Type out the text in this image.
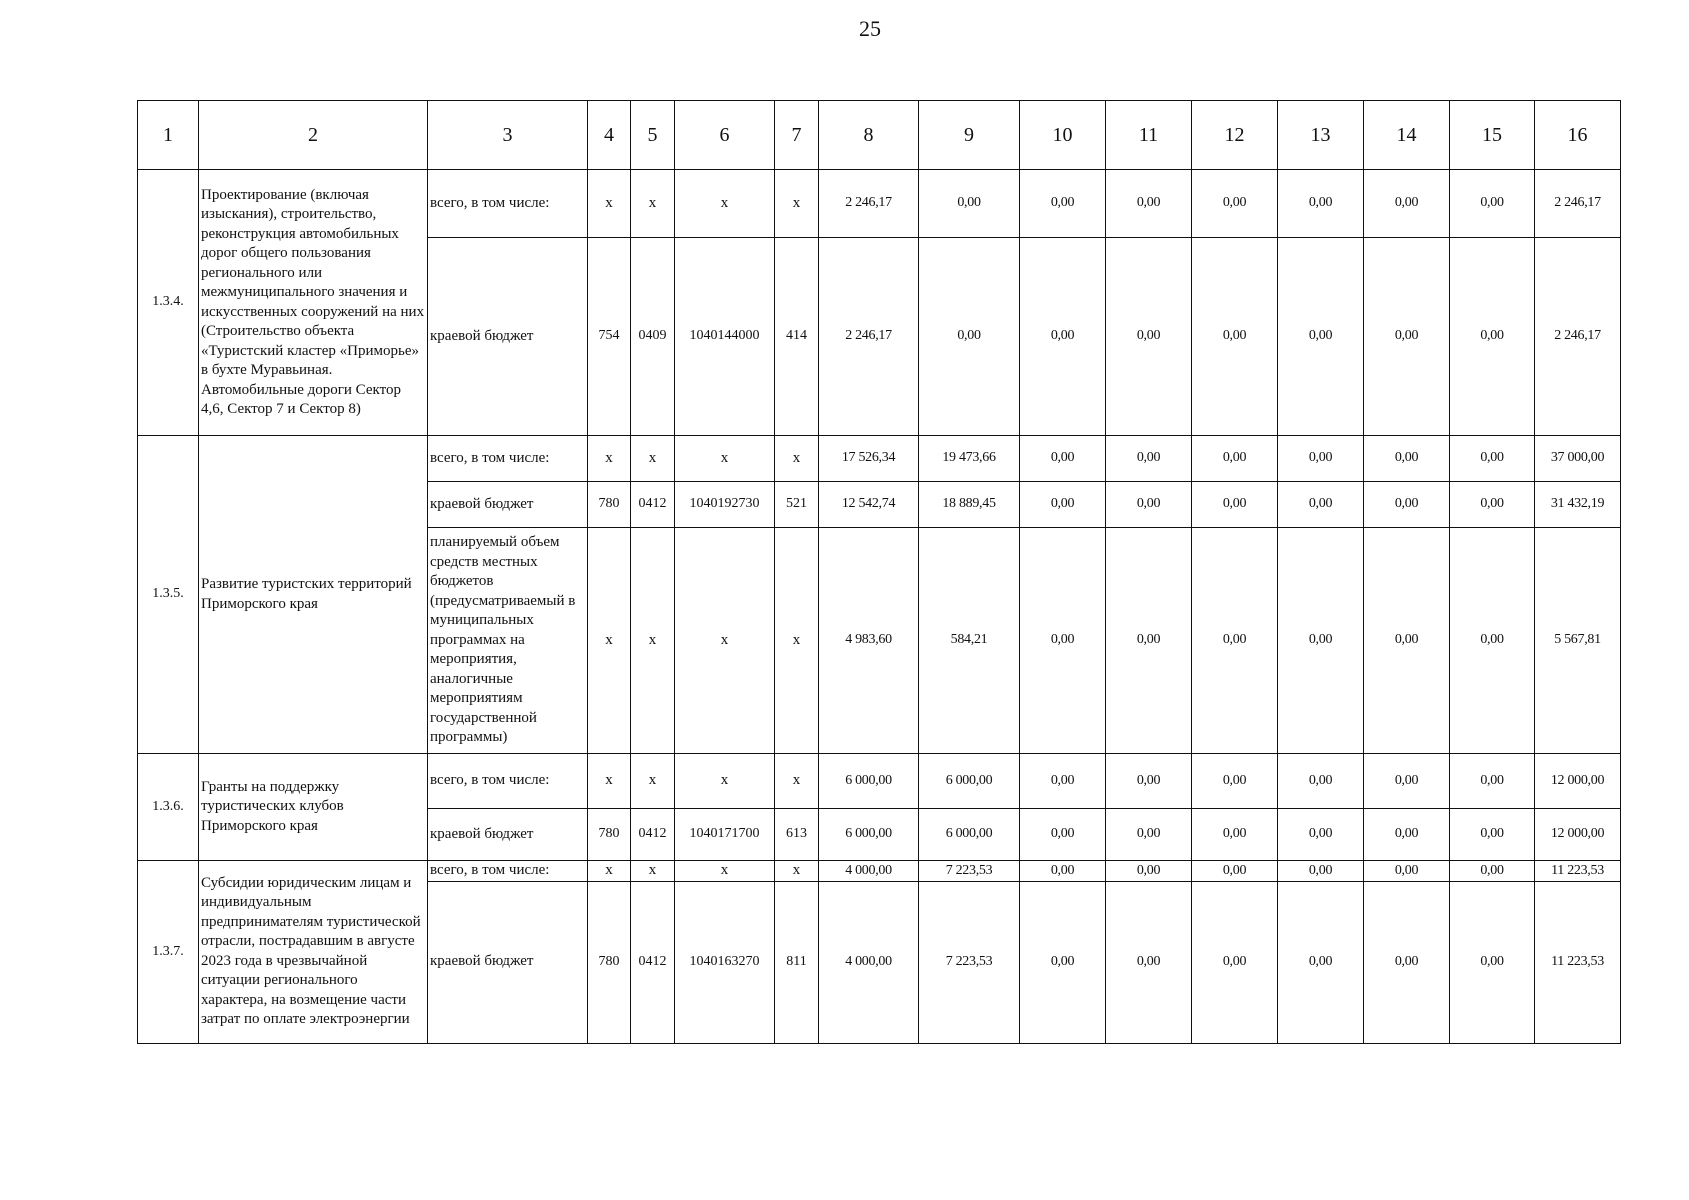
25
1	2	3	4	5	6	7	8	9	10	11	12	13	14	15	16
1.3.4.	Проектирование (включая изыскания), строительство, реконструкция автомобильных дорог общего пользования регионального или межмуниципального значения и искусственных сооружений на них (Строительство объекта «Туристский кластер «Приморье» в бухте Муравьиная. Автомобильные дороги Сектор 4,6, Сектор 7 и Сектор 8)	всего, в том числе:	x	x	x	x	2 246,17	0,00	0,00	0,00	0,00	0,00	0,00	0,00	2 246,17
		краевой бюджет	754	0409	1040144000	414	2 246,17	0,00	0,00	0,00	0,00	0,00	0,00	0,00	2 246,17
1.3.5.	Развитие туристских территорий Приморского края	всего, в том числе:	x	x	x	x	17 526,34	19 473,66	0,00	0,00	0,00	0,00	0,00	0,00	37 000,00
		краевой бюджет	780	0412	1040192730	521	12 542,74	18 889,45	0,00	0,00	0,00	0,00	0,00	0,00	31 432,19
		планируемый объем средств местных бюджетов (предусматриваемый в муниципальных программах на мероприятия, аналогичные мероприятиям государственной программы)	x	x	x	x	4 983,60	584,21	0,00	0,00	0,00	0,00	0,00	0,00	5 567,81
1.3.6.	Гранты на поддержку туристических клубов Приморского края	всего, в том числе:	x	x	x	x	6 000,00	6 000,00	0,00	0,00	0,00	0,00	0,00	0,00	12 000,00
		краевой бюджет	780	0412	1040171700	613	6 000,00	6 000,00	0,00	0,00	0,00	0,00	0,00	0,00	12 000,00
1.3.7.	Субсидии юридическим лицам и индивидуальным предпринимателям туристической отрасли, пострадавшим в августе 2023 года в чрезвычайной ситуации регионального характера, на возмещение части затрат по оплате электроэнергии	всего, в том числе:	x	x	x	x	4 000,00	7 223,53	0,00	0,00	0,00	0,00	0,00	0,00	11 223,53
		краевой бюджет	780	0412	1040163270	811	4 000,00	7 223,53	0,00	0,00	0,00	0,00	0,00	0,00	11 223,53
